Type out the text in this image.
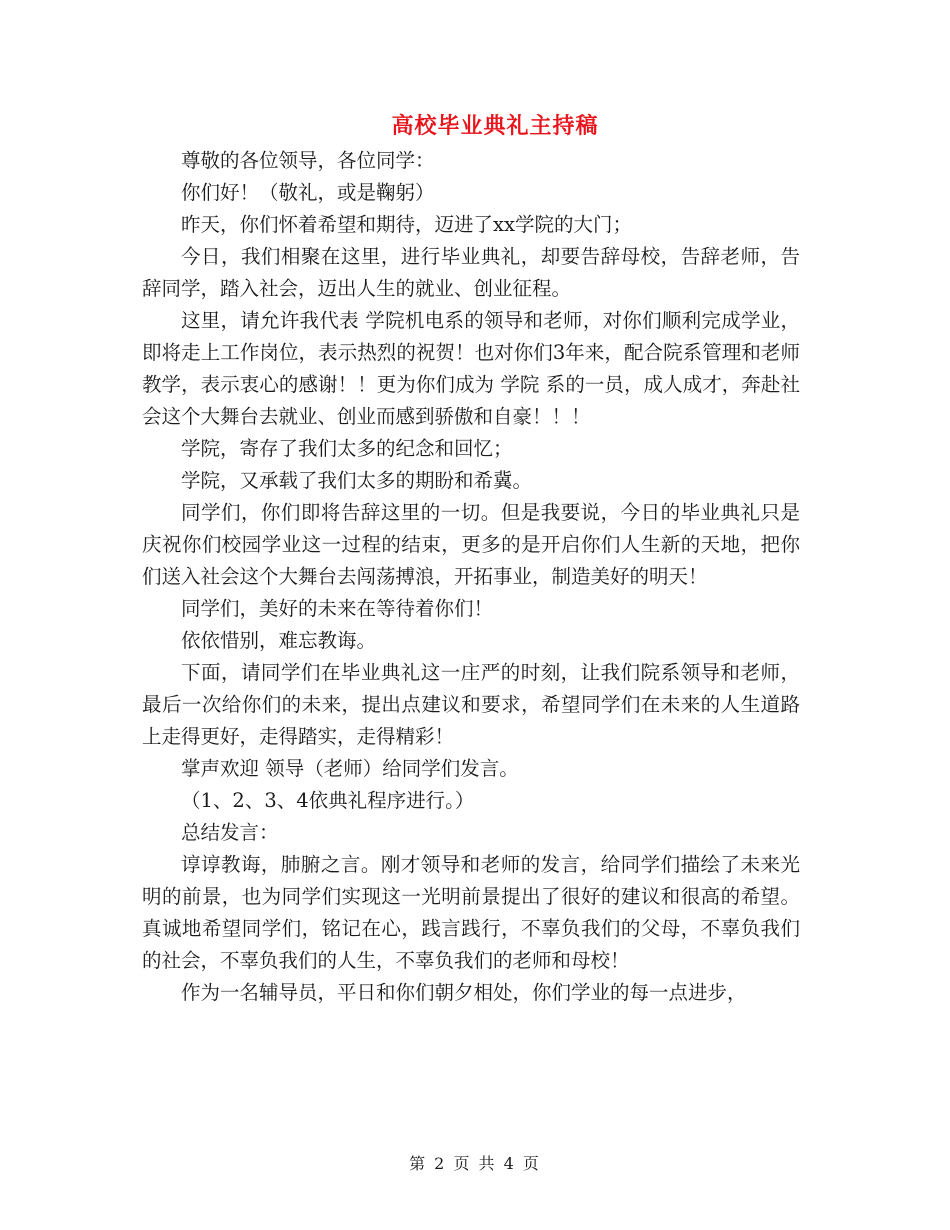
高校毕业典礼主持稿

尊敬的各位领导，各位同学：

你们好！（敬礼，或是鞠躬）

昨天，你们怀着希望和期待，迈进了xx学院的大门；

今日，我们相聚在这里，进行毕业典礼，却要告辞母校，告辞老师，告辞同学，踏入社会，迈出人生的就业、创业征程。

这里，请允许我代表 学院机电系的领导和老师，对你们顺利完成学业，即将走上工作岗位，表示热烈的祝贺！也对你们3年来，配合院系管理和老师教学，表示衷心的感谢！！更为你们成为 学院 系的一员，成人成才，奔赴社会这个大舞台去就业、创业而感到骄傲和自豪！！！

学院，寄存了我们太多的纪念和回忆；

学院，又承载了我们太多的期盼和希冀。

同学们，你们即将告辞这里的一切。但是我要说，今日的毕业典礼只是庆祝你们校园学业这一过程的结束，更多的是开启你们人生新的天地，把你们送入社会这个大舞台去闯荡搏浪，开拓事业，制造美好的明天！

同学们，美好的未来在等待着你们！

依依惜别，难忘教诲。

下面，请同学们在毕业典礼这一庄严的时刻，让我们院系领导和老师，最后一次给你们的未来，提出点建议和要求，希望同学们在未来的人生道路上走得更好，走得踏实，走得精彩！

掌声欢迎 领导（老师）给同学们发言。

（1、2、3、4依典礼程序进行。）

总结发言：

谆谆教诲，肺腑之言。刚才领导和老师的发言，给同学们描绘了未来光明的前景，也为同学们实现这一光明前景提出了很好的建议和很高的希望。真诚地希望同学们，铭记在心，践言践行，不辜负我们的父母，不辜负我们的社会，不辜负我们的人生，不辜负我们的老师和母校！

作为一名辅导员，平日和你们朝夕相处，你们学业的每一点进步，

第 2 页 共 4 页
